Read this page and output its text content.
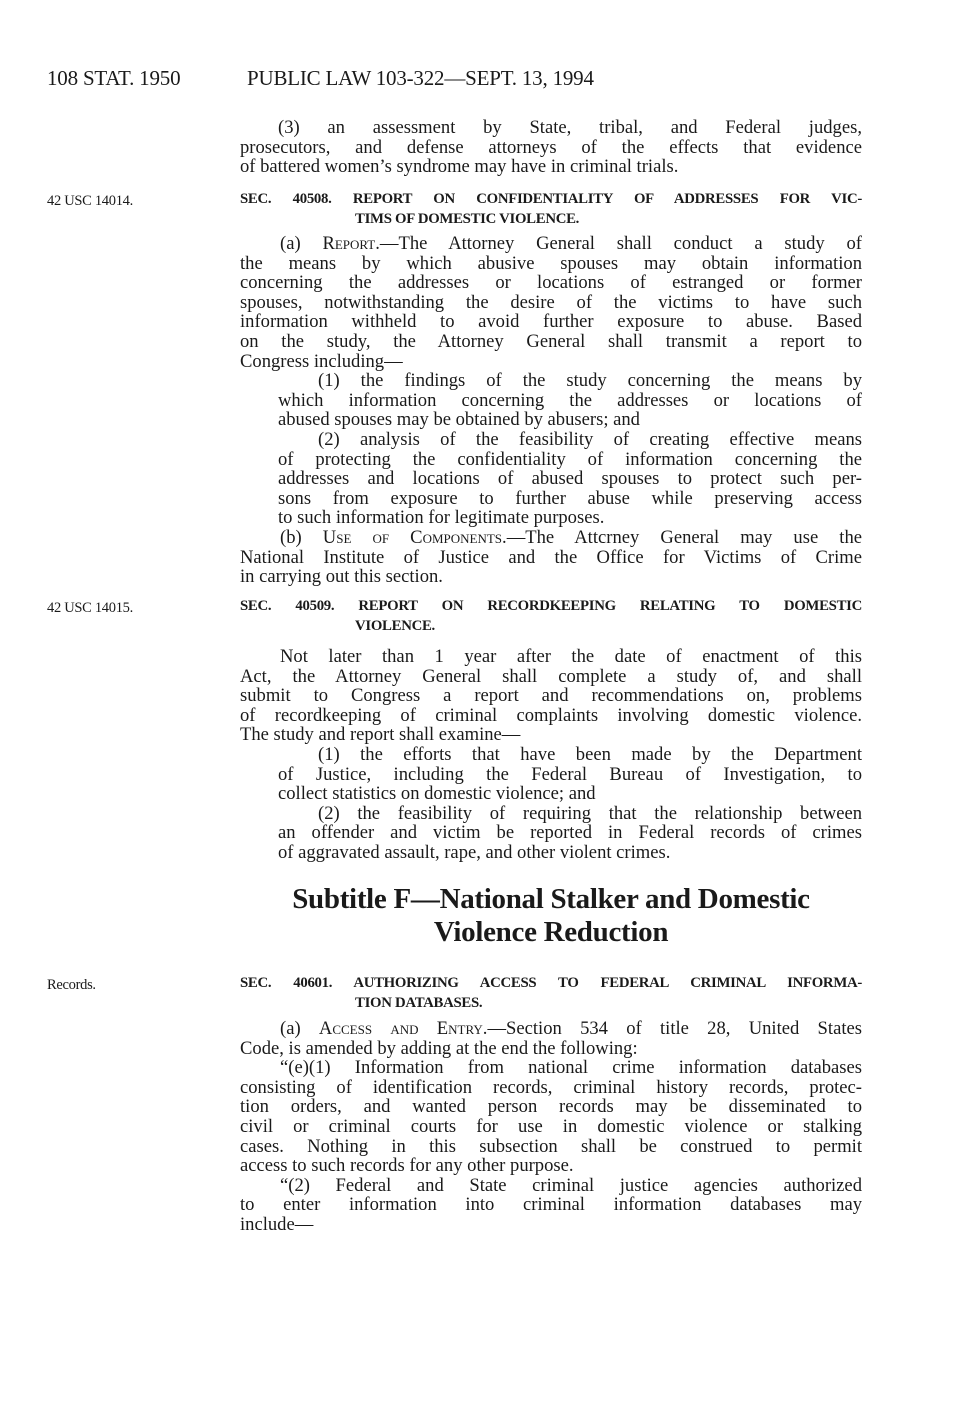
108 STAT. 1950	PUBLIC LAW 103-322—SEPT. 13, 1994
(3) an assessment by State, tribal, and Federal judges,
prosecutors, and defense attorneys of the effects that evidence
of battered women’s syndrome may have in criminal trials.
42 USC 14014.	SEC. 40508. REPORT ON CONFIDENTIALITY OF ADDRESSES FOR VIC-
TIMS OF DOMESTIC VIOLENCE.
(a) Report.—The Attorney General shall conduct a study of
the means by which abusive spouses may obtain information
concerning the addresses or locations of estranged or former
spouses, notwithstanding the desire of the victims to have such
information withheld to avoid further exposure to abuse. Based
on the study, the Attorney General shall transmit a report to
Congress including—
(1) the findings of the study concerning the means by
which information concerning the addresses or locations of
abused spouses may be obtained by abusers; and
(2) analysis of the feasibility of creating effective means
of protecting the confidentiality of information concerning the
addresses and locations of abused spouses to protect such per-
sons from exposure to further abuse while preserving access
to such information for legitimate purposes.
(b) Use of Components.—The Attcrney General may use the
National Institute of Justice and the Office for Victims of Crime
in carrying out this section.
42 USC 14015.	SEC. 40509. REPORT ON RECORDKEEPING RELATING TO DOMESTIC
VIOLENCE.
Not later than 1 year after the date of enactment of this
Act, the Attorney General shall complete a study of, and shall
submit to Congress a report and recommendations on, problems
of recordkeeping of criminal complaints involving domestic violence.
The study and report shall examine—
(1) the efforts that have been made by the Department
of Justice, including the Federal Bureau of Investigation, to
collect statistics on domestic violence; and
(2) the feasibility of requiring that the relationship between
an offender and victim be reported in Federal records of crimes
of aggravated assault, rape, and other violent crimes.
Subtitle F—National Stalker and Domestic
Violence Reduction
Records.	SEC. 40601. AUTHORIZING ACCESS TO FEDERAL CRIMINAL INFORMA-
TION DATABASES.
(a) Access and Entry.—Section 534 of title 28, United States
Code, is amended by adding at the end the following:
“(e)(1) Information from national crime information databases
consisting of identification records, criminal history records, protec-
tion orders, and wanted person records may be disseminated to
civil or criminal courts for use in domestic violence or stalking
cases. Nothing in this subsection shall be construed to permit
access to such records for any other purpose.
“(2) Federal and State criminal justice agencies authorized
to enter information into criminal information databases may
include—
